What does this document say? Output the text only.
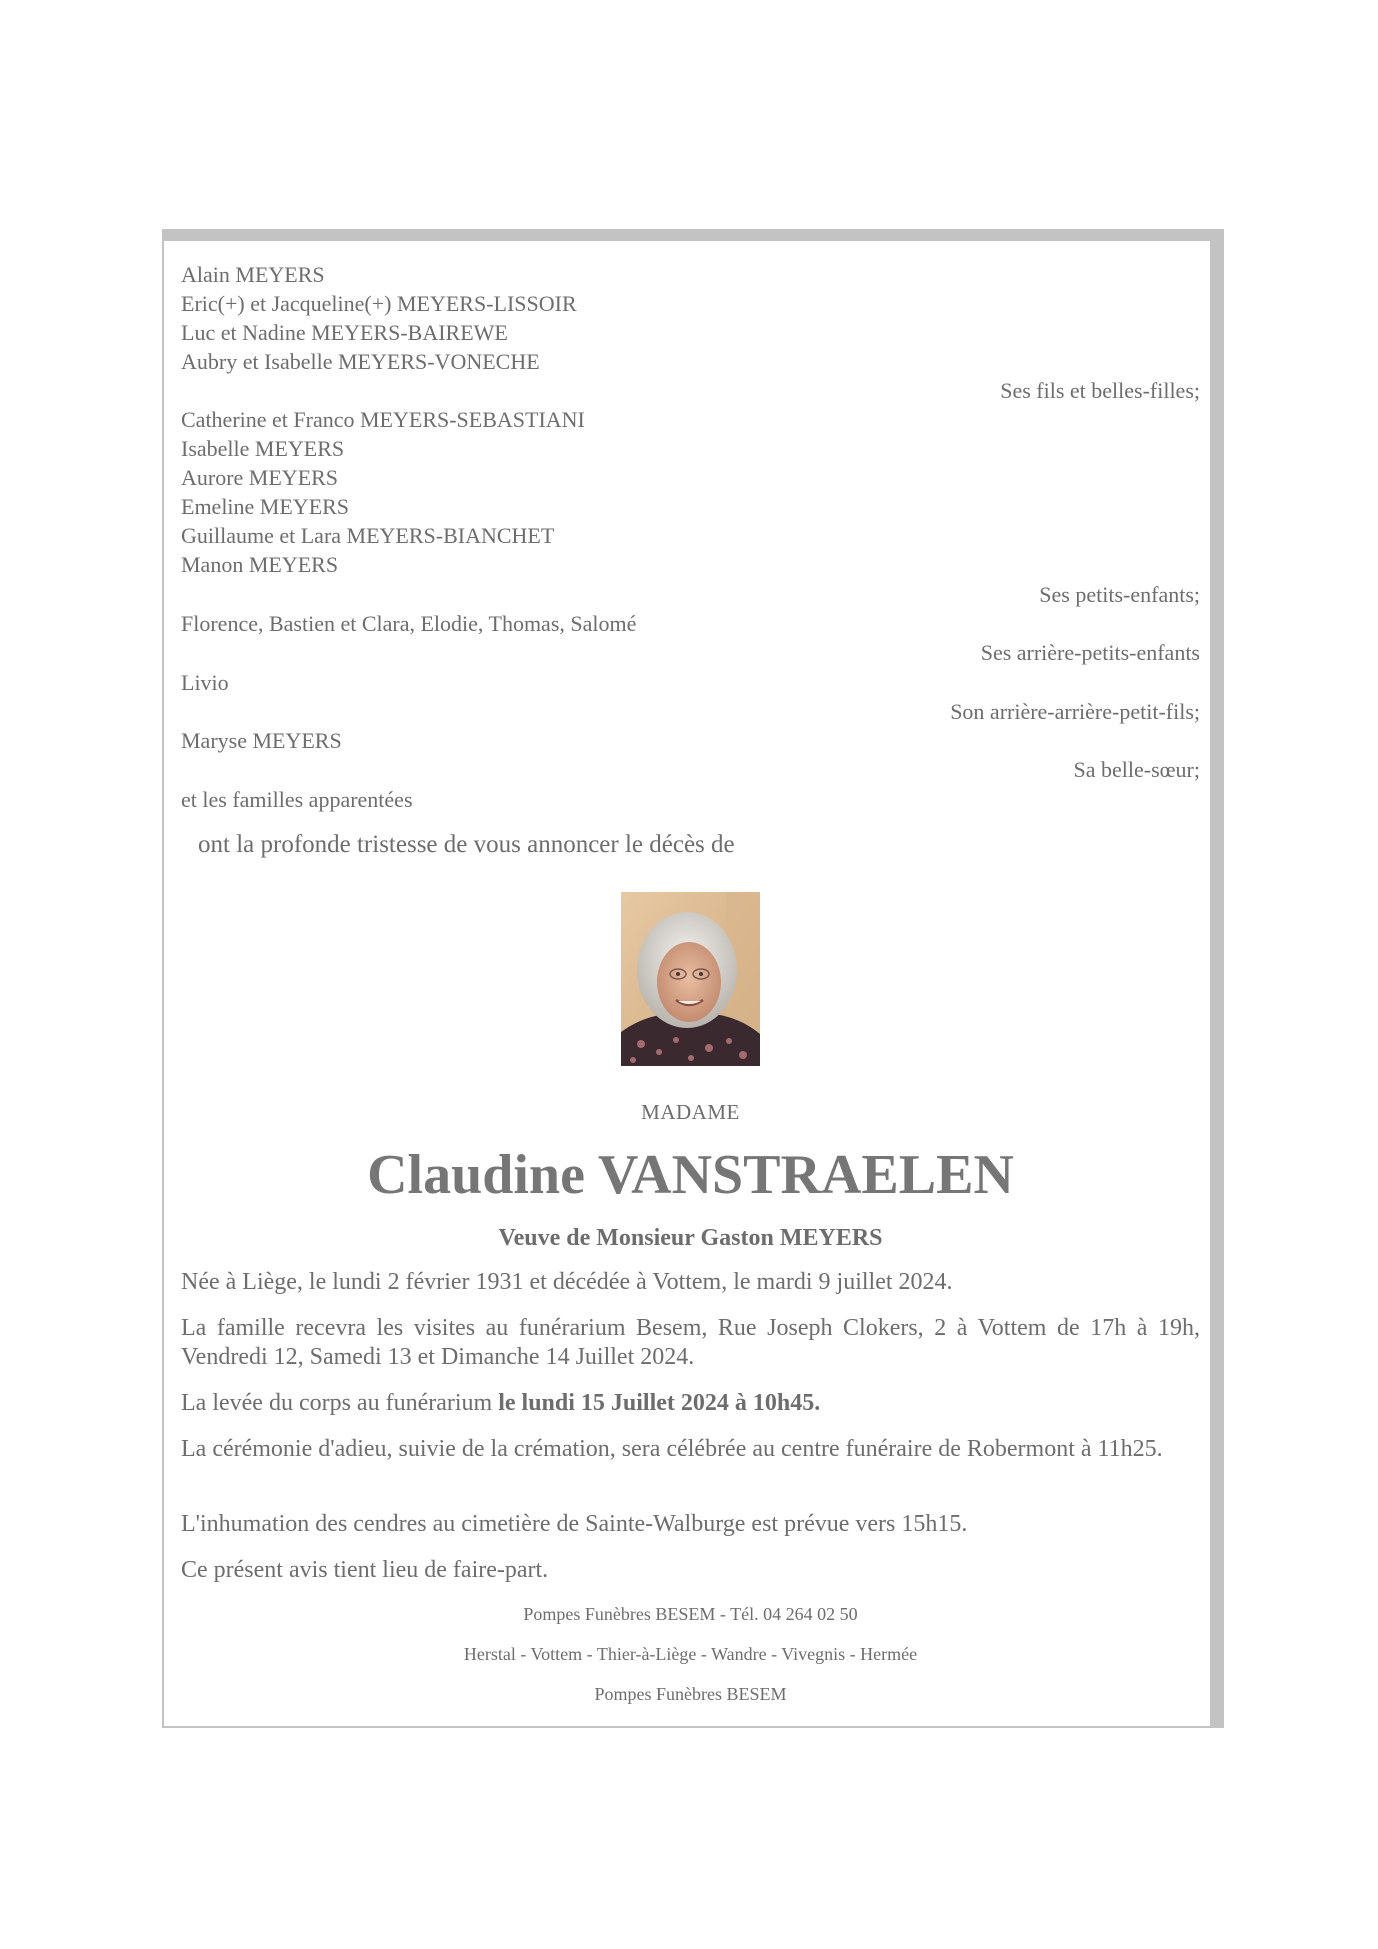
Alain MEYERS
Eric(+) et Jacqueline(+) MEYERS-LISSOIR
Luc et Nadine MEYERS-BAIREWE
Aubry et Isabelle MEYERS-VONECHE
Ses fils et belles-filles;
Catherine et Franco MEYERS-SEBASTIANI
Isabelle MEYERS
Aurore MEYERS
Emeline MEYERS
Guillaume et Lara MEYERS-BIANCHET
Manon MEYERS
Ses petits-enfants;
Florence, Bastien et Clara, Elodie, Thomas, Salomé
Ses arrière-petits-enfants
Livio
Son arrière-arrière-petit-fils;
Maryse MEYERS
Sa belle-sœur;
et les familles apparentées
ont la profonde tristesse de vous annoncer le décès de
MADAME
Claudine VANSTRAELEN
Veuve de Monsieur Gaston MEYERS
Née à Liège, le lundi 2 février 1931 et décédée à Vottem, le mardi 9 juillet 2024.
La famille recevra les visites au funérarium Besem, Rue Joseph Clokers, 2 à Vottem de 17h à 19h, Vendredi 12, Samedi 13 et Dimanche 14 Juillet 2024.
La levée du corps au funérarium le lundi 15 Juillet 2024 à 10h45.
La cérémonie d'adieu, suivie de la crémation, sera célébrée au centre funéraire de Robermont à 11h25.
L'inhumation des cendres au cimetière de Sainte-Walburge est prévue vers 15h15.
Ce présent avis tient lieu de faire-part.
Pompes Funèbres BESEM - Tél. 04 264 02 50
Herstal - Vottem - Thier-à-Liège - Wandre - Vivegnis - Hermée
Pompes Funèbres BESEM
